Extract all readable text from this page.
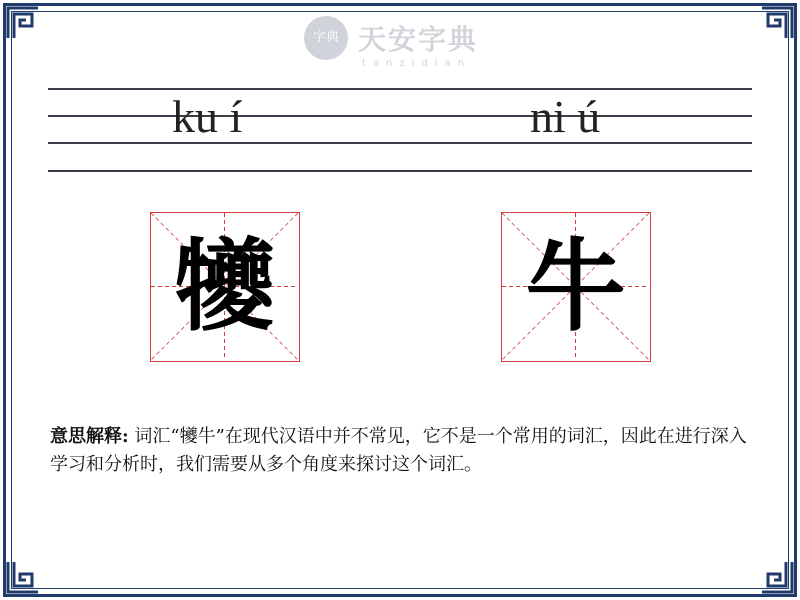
字典 天安字典
tanzidian
ku í	ni ú
犪	牛
意思解释: 词汇“犪牛”在现代汉语中并不常见，它不是一个常用的词汇，因此在进行深入学习和分析时，我们需要从多个角度来探讨这个词汇。
